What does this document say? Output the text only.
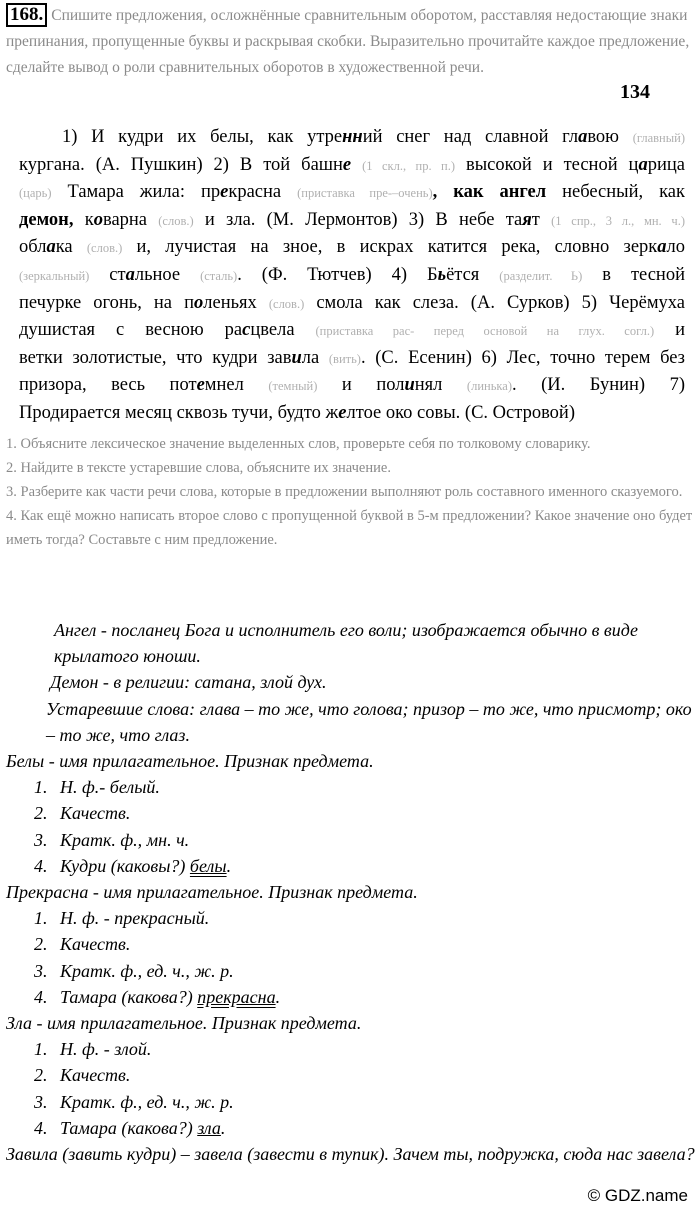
168. Спишите предложения, осложнённые сравнительным оборотом, расставляя недостающие знаки препинания, пропущенные буквы и раскрывая скобки. Выразительно прочитайте каждое предложение, сделайте вывод о роли сравнительных оборотов в художественной речи.
1) И кудри их белы, как утренний снег над славной главою (главный)
кургана. (А. Пушкин) 2) В той башне (1 скл., пр. п.) высокой и тесной царица
(царь) Тамара жила: прекрасна (приставка пре-–очень), как ангел небесный, как
демон, коварна (слов.) и зла. (М. Лермонтов) 3) В небе таят (1 спр., 3 л., мн. ч.)
облака (слов.) и, лучистая на зное, в искрах катится река, словно зеркало
(зеркальный) стальное (сталь). (Ф. Тютчев) 4) Бьётся (разделит. Ь) в тесной
печурке огонь, на поленьях (слов.) смола как слеза. (А. Сурков) 5) Черёмуха
душистая с весною расцвела (приставка рас- перед основой на глух. согл.) и
ветки золотистые, что кудри завила (вить). (С. Есенин) 6) Лес, точно терем без
призора, весь потемнел (темный) и полинял (линька). (И. Бунин) 7)
Продирается месяц сквозь тучи, будто желтое око совы. (С. Островой)
134
1. Объясните лексическое значение выделенных слов, проверьте себя по толковому словарику.
2. Найдите в тексте устаревшие слова, объясните их значение.
3. Разберите как части речи слова, которые в предложении выполняют роль составного именного сказуемого.
4. Как ещё можно написать второе слово с пропущенной буквой в 5-м предложении? Какое значение оно будет иметь тогда? Составьте с ним предложение.

Ангел - посланец Бога и исполнитель его воли; изображается обычно в виде крылатого юноши.

Демон - в религии: сатана, злой дух.

Устаревшие слова: глава – то же, что голова; призор – то же, что присмотр; око – то же, что глаз.

Белы - имя прилагательное. Признак предмета.

1. Н. ф.- белый.

2. Качеств.

3. Кратк. ф., мн. ч.

4. Кудри (каковы?) белы.

Прекрасна - имя прилагательное. Признак предмета.

1. Н. ф. - прекрасный.

2. Качеств.

3. Кратк. ф., ед. ч., ж. р.

4. Тамара (какова?) прекрасна.

Зла - имя прилагательное. Признак предмета.

1. Н. ф. - злой.

2. Качеств.

3. Кратк. ф., ед. ч., ж. р.

4. Тамара (какова?) зла.

Завила (завить кудри) – завела (завести в тупик). Зачем ты, подружка, сюда нас завела?

© GDZ.name
